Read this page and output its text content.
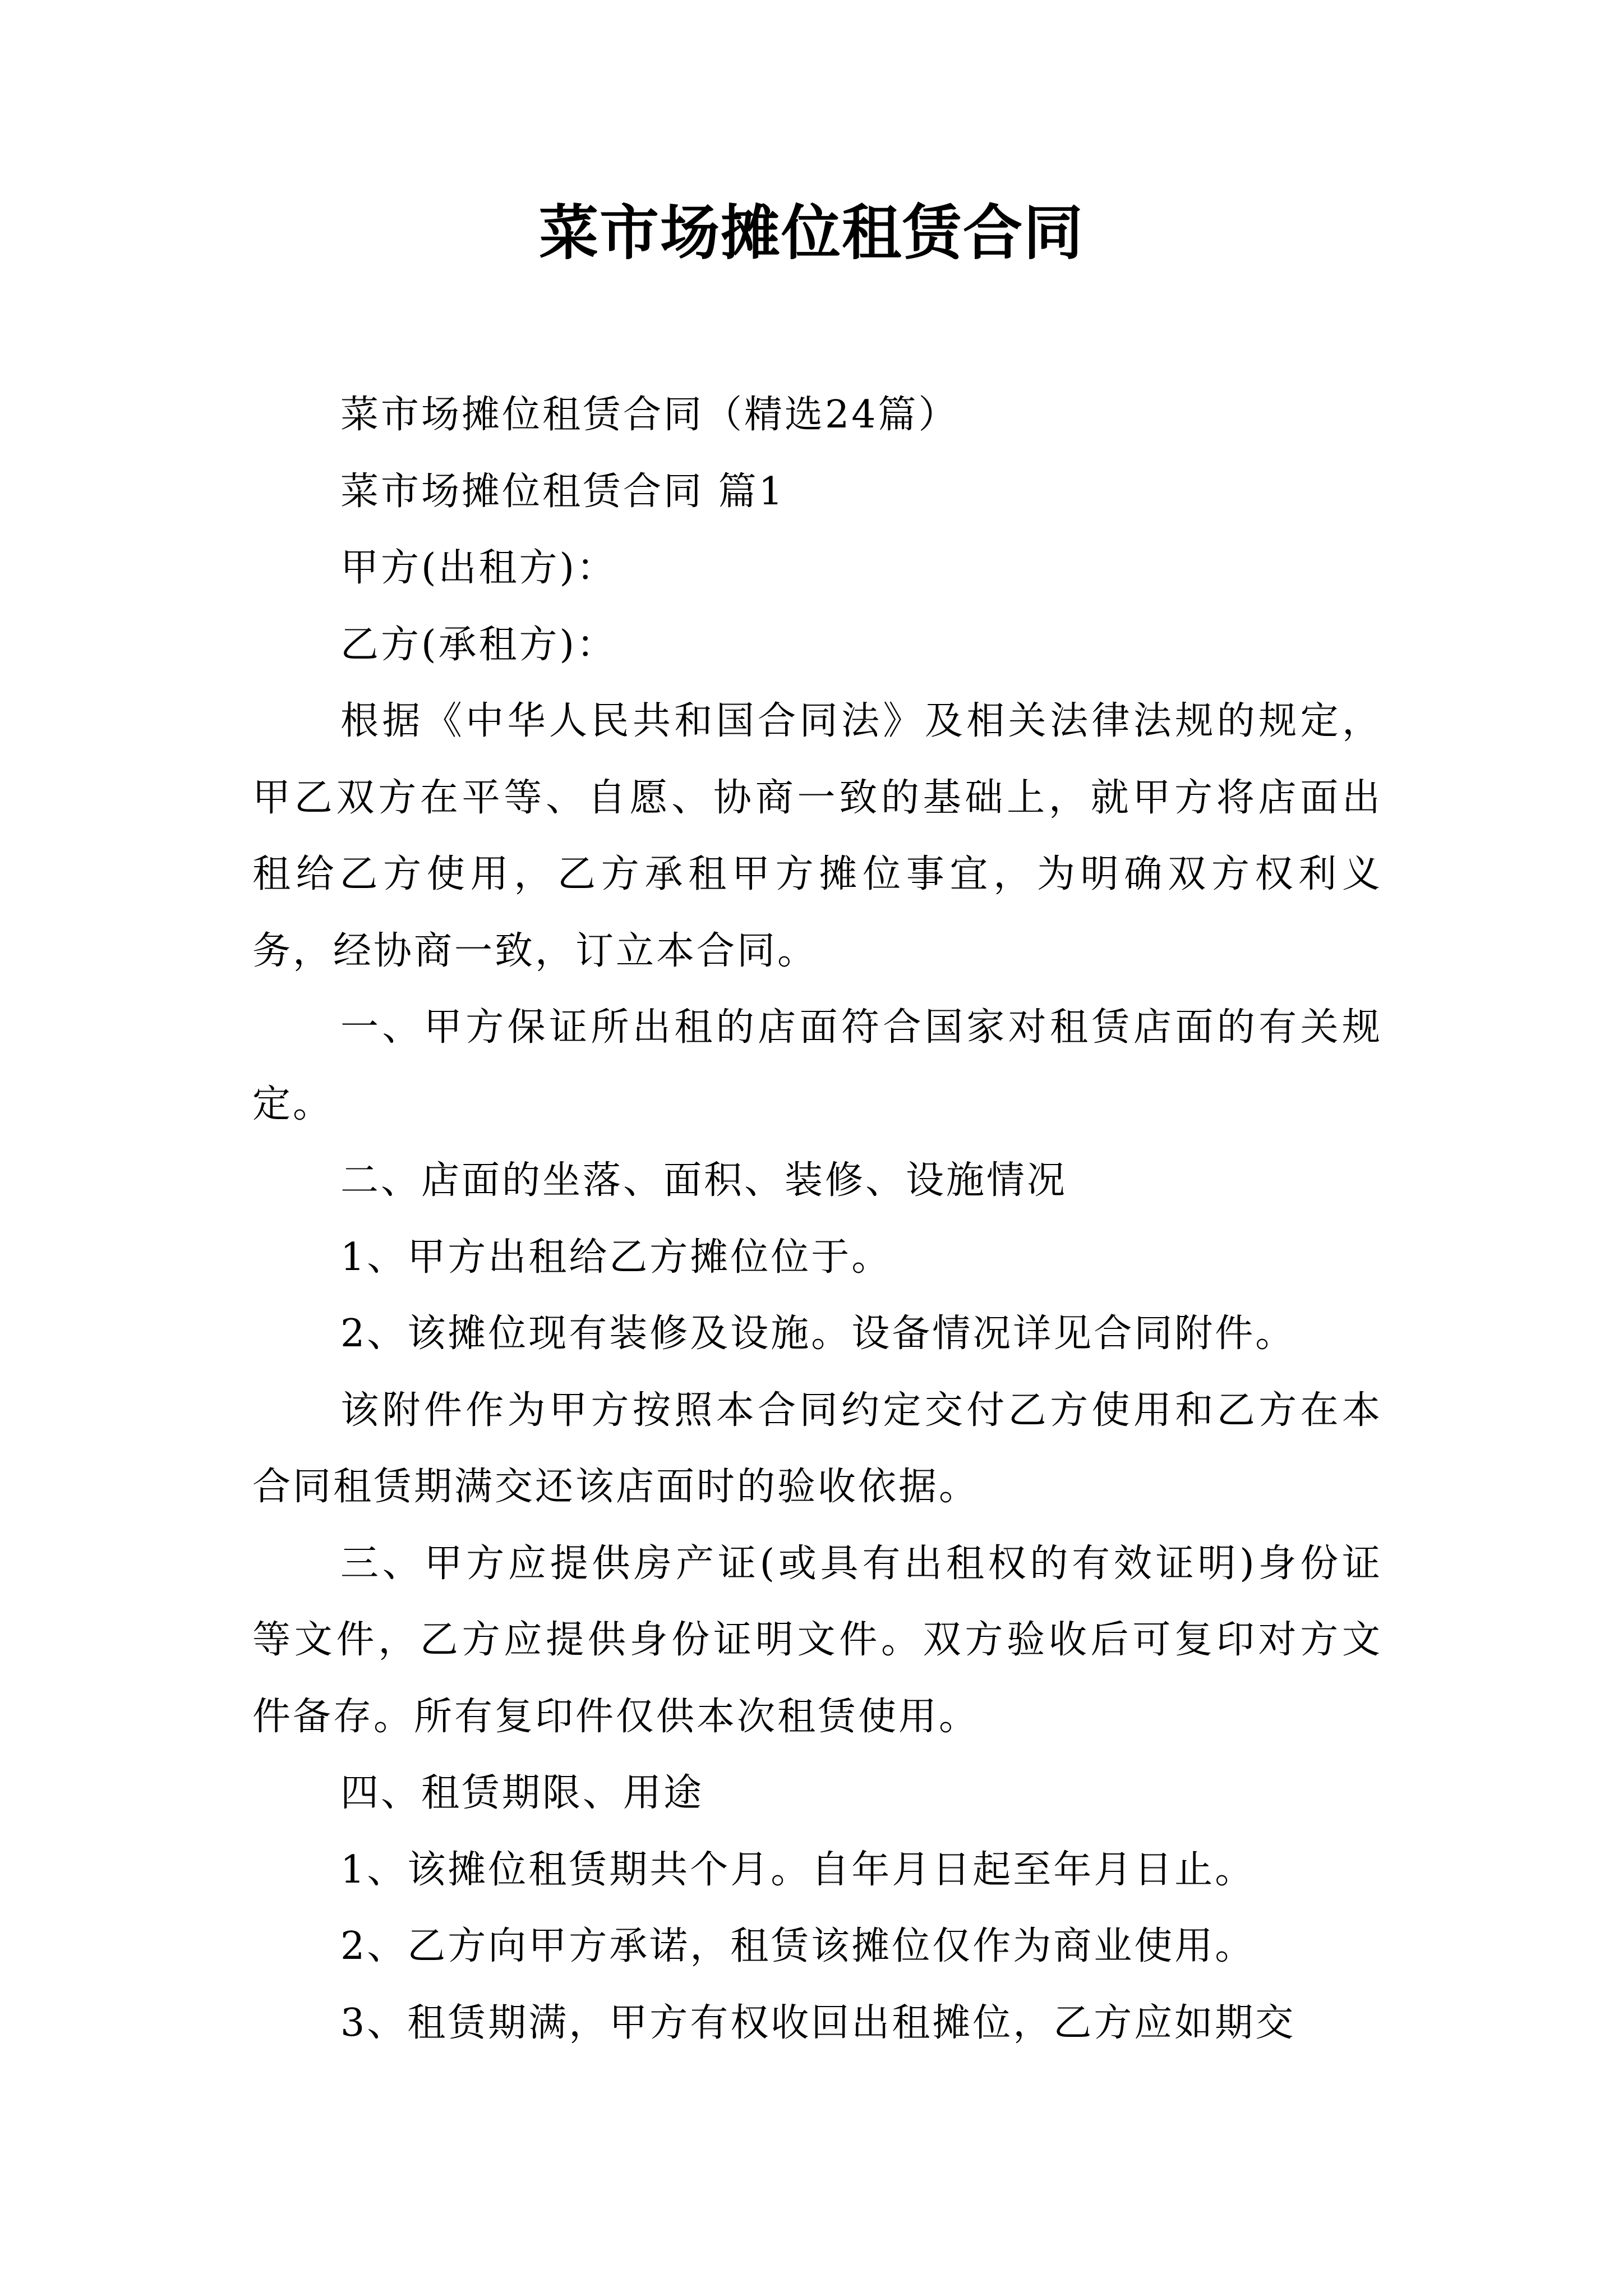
菜市场摊位租赁合同

菜市场摊位租赁合同（精选24篇）

菜市场摊位租赁合同 篇1

甲方(出租方)：

乙方(承租方)：

根据《中华人民共和国合同法》及相关法律法规的规定，甲乙双方在平等、自愿、协商一致的基础上，就甲方将店面出租给乙方使用，乙方承租甲方摊位事宜，为明确双方权利义务，经协商一致，订立本合同。

一、甲方保证所出租的店面符合国家对租赁店面的有关规定。

二、店面的坐落、面积、装修、设施情况

1、甲方出租给乙方摊位位于。

2、该摊位现有装修及设施。设备情况详见合同附件。

该附件作为甲方按照本合同约定交付乙方使用和乙方在本合同租赁期满交还该店面时的验收依据。

三、甲方应提供房产证(或具有出租权的有效证明)身份证等文件，乙方应提供身份证明文件。双方验收后可复印对方文件备存。所有复印件仅供本次租赁使用。

四、租赁期限、用途

1、该摊位租赁期共个月。自年月日起至年月日止。

2、乙方向甲方承诺，租赁该摊位仅作为商业使用。

3、租赁期满，甲方有权收回出租摊位，乙方应如期交
